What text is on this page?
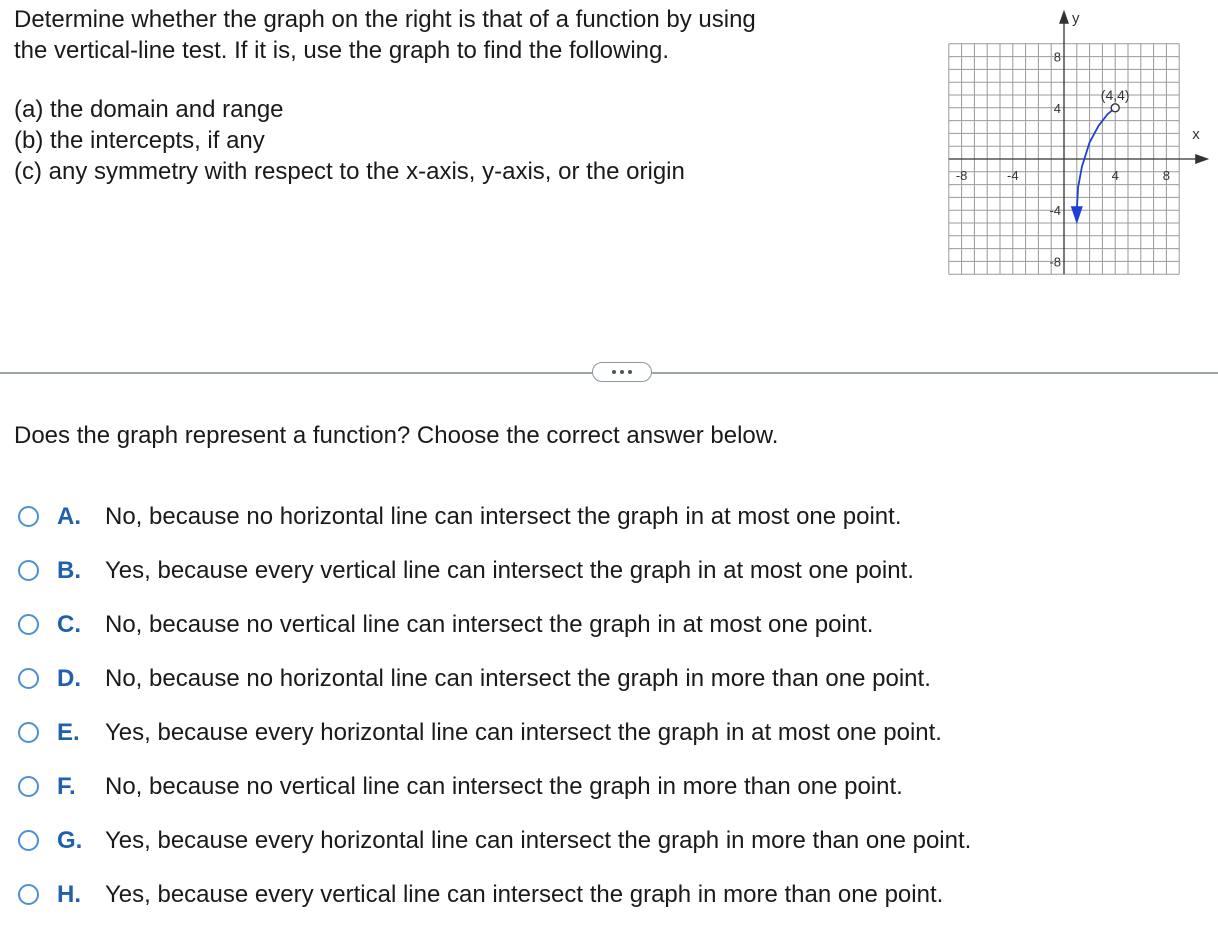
Determine whether the graph on the right is that of a function by using

the vertical-line test. If it is, use the graph to find the following.

(a) the domain and range
(b) the intercepts, if any
(c) any symmetry with respect to the x-axis, y-axis, or the origin

x
y
-8	-4	4	8
8
4
-4
-8
(4,4)
Does the graph represent a function? Choose the correct answer below.
A.	No, because no horizontal line can intersect the graph in at most one point.
B.	Yes, because every vertical line can intersect the graph in at most one point.
C.	No, because no vertical line can intersect the graph in at most one point.
D.	No, because no horizontal line can intersect the graph in more than one point.
E.	Yes, because every horizontal line can intersect the graph in at most one point.
F.	No, because no vertical line can intersect the graph in more than one point.
G. Yes, because every horizontal line can intersect the graph in more than one point.
H.	Yes, because every vertical line can intersect the graph in more than one point.
